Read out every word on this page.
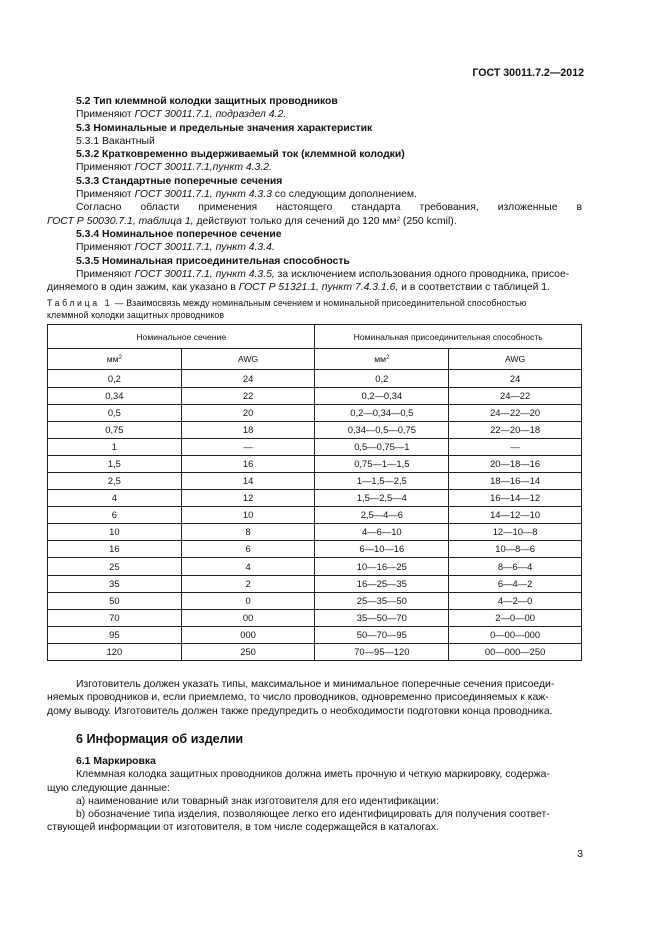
ГОСТ 30011.7.2—2012
5.2 Тип клеммной колодки защитных проводников
Применяют ГОСТ 30011.7.1, подраздел 4.2.
5.3 Номинальные и предельные значения характеристик
5.3.1 Вакантный
5.3.2 Кратковременно выдерживаемый ток (клеммной колодки)
Применяют ГОСТ 30011.7.1,пункт 4.3.2.
5.3.3 Стандартные поперечные сечения
Применяют ГОСТ 30011.7.1, пункт 4.3.3 со следующим дополнением.
Согласно области применения настоящего стандарта требования, изложенные в
ГОСТ Р 50030.7.1, таблица 1, действуют только для сечений до 120 $мм^2$ (250 kcmil).
5.3.4 Номинальное поперечное сечение
Применяют ГОСТ 30011.7.1, пункт 4.3.4.
5.3.5 Номинальная присоединительная способность
Применяют ГОСТ 30011.7.1, пункт 4.3.5, за исключением использования одного проводника, присое-
диняемого в один зажим, как указано в ГОСТ Р 51321.1, пункт 7.4.3.1.6, и в соответствии с таблицей 1.
Таблица 1 — Взаимосвязь между номинальным сечением и номинальной присоединительной способностью
клеммной колодки защитных проводников
Номинальное сечение		Номинальная присоединительная способность	
$мм^2$	AWG	$мм^2$	AWG
0,2	24	0,2	24
0,34	22	0,2—0,34	24—22
0,5	20	0,2—0,34—0,5	24—22—20
0,75	18	0,34—0,5—0,75	22—20—18
1	—	0,5—0,75—1	—
1,5	16	0,75—1—1,5	20—18—16
2,5	14	1—1,5—2,5	18—16—14
4	12	1,5—2,5—4	16—14—12
6	10	2,5—4—6	14—12—10
10	8	4—6—10	12—10—8
16	6	6—10—16	10—8—6
25	4	10—16—25	8—6—4
35	2	16—25—35	6—4—2
50	0	25—35—50	4—2—0
70	00	35—50—70	2—0—00
95	000	50—70—95	0—00—000
120	250	70—95—120	00—000—250
Изготовитель должен указать типы, максимальное и минимальное поперечные сечения присоеди-
няемых проводников и, если приемлемо, то число проводников, одновременно присоединяемых к каж-
дому выводу. Изготовитель должен также предупредить о необходимости подготовки конца проводника.
6 Информация об изделии
6.1 Маркировка
Клеммная колодка защитных проводников должна иметь прочную и четкую маркировку, содержа-
щую следующие данные:
а) наименование или товарный знак изготовителя для его идентификации:
b) обозначение типа изделия, позволяющее легко его идентифицировать для получения соответ-
ствующей информации от изготовителя, в том числе содержащейся в каталогах.
3
